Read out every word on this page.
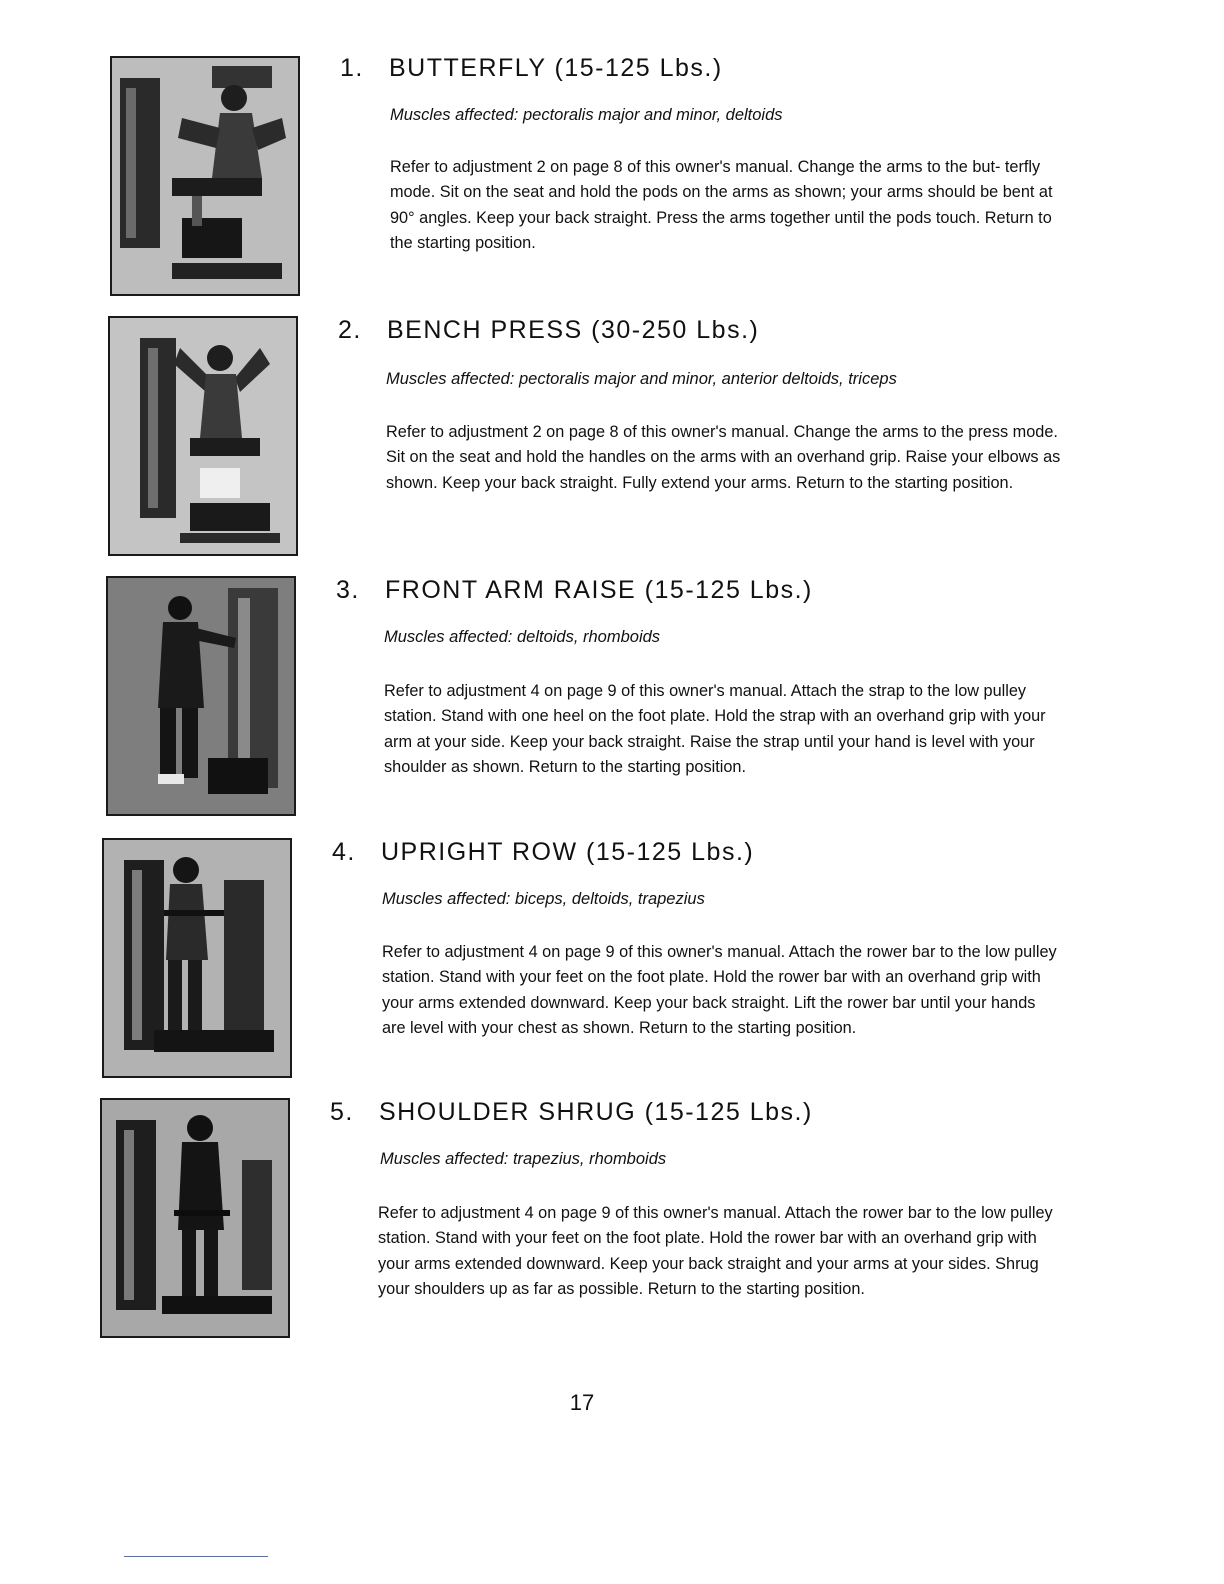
1. BUTTERFLY (15-125 Lbs.)

Muscles affected: pectoralis major and minor, deltoids

Refer to adjustment 2 on page 8 of this owner's manual. Change the arms to the but- terfly mode. Sit on the seat and hold the pods on the arms as shown; your arms should be bent at 90° angles. Keep your back straight. Press the arms together until the pods touch. Return to the starting position.

2. BENCH PRESS (30-250 Lbs.)

Muscles affected: pectoralis major and minor, anterior deltoids, triceps

Refer to adjustment 2 on page 8 of this owner's manual. Change the arms to the press mode. Sit on the seat and hold the handles on the arms with an overhand grip. Raise your elbows as shown. Keep your back straight. Fully extend your arms. Return to the starting position.

3. FRONT ARM RAISE (15-125 Lbs.)

Muscles affected: deltoids, rhomboids

Refer to adjustment 4 on page 9 of this owner's manual. Attach the strap to the low pulley station. Stand with one heel on the foot plate. Hold the strap with an overhand grip with your arm at your side. Keep your back straight. Raise the strap until your hand is level with your shoulder as shown. Return to the starting position.

4. UPRIGHT ROW (15-125 Lbs.)

Muscles affected: biceps, deltoids, trapezius

Refer to adjustment 4 on page 9 of this owner's manual. Attach the rower bar to the low pulley station. Stand with your feet on the foot plate. Hold the rower bar with an overhand grip with your arms extended downward. Keep your back straight. Lift the rower bar until your hands are level with your chest as shown. Return to the starting position.

5. SHOULDER SHRUG (15-125 Lbs.)

Muscles affected: trapezius, rhomboids

Refer to adjustment 4 on page 9 of this owner's manual. Attach the rower bar to the low pulley station. Stand with your feet on the foot plate. Hold the rower bar with an overhand grip with your arms extended downward. Keep your back straight and your arms at your sides. Shrug your shoulders up as far as possible. Return to the starting position.

17
